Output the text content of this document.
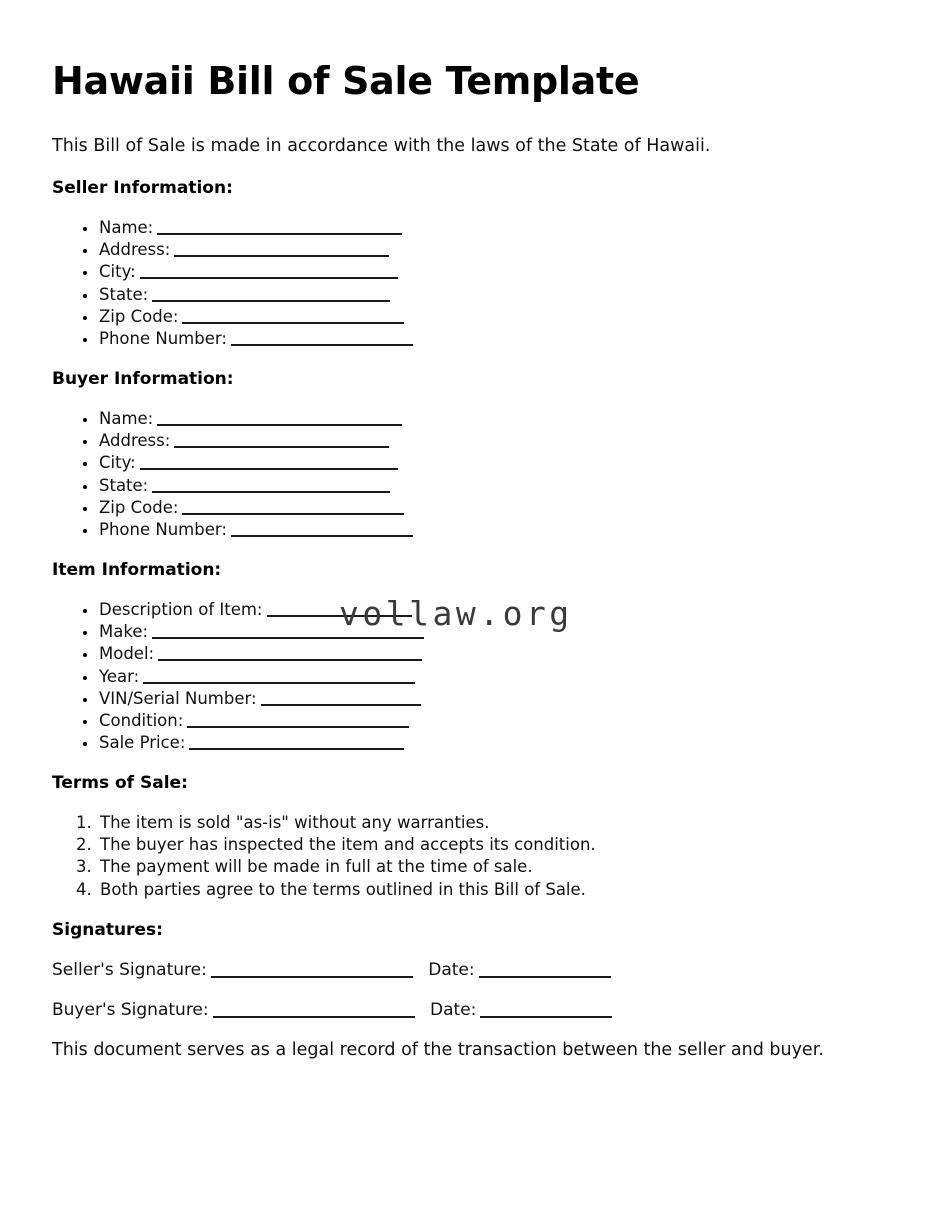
Hawaii Bill of Sale Template
This Bill of Sale is made in accordance with the laws of the State of Hawaii.
Seller Information:
Name:
Address:
City:
State:
Zip Code:
Phone Number:
Buyer Information:
Name:
Address:
City:
State:
Zip Code:
Phone Number:
Item Information:
Description of Item:
Make:
Model:
Year:
VIN/Serial Number:
Condition:
Sale Price:
vollaw.org
Terms of Sale:
The item is sold "as-is" without any warranties.
The buyer has inspected the item and accepts its condition.
The payment will be made in full at the time of sale.
Both parties agree to the terms outlined in this Bill of Sale.
Signatures:
Seller's Signature:	Date:
Buyer's Signature:	Date:
This document serves as a legal record of the transaction between the seller and buyer.
